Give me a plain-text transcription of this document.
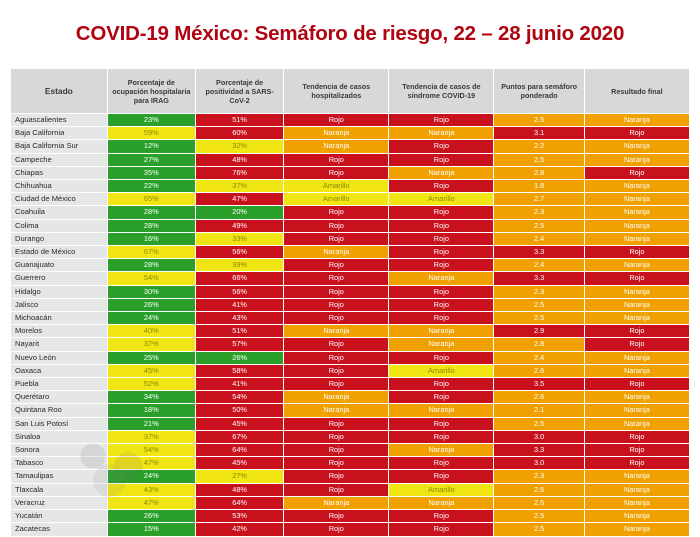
COVID-19 México: Semáforo de riesgo, 22 – 28 junio 2020
Estado	Porcentaje de ocupación hospitalaria para IRAG	Porcentaje de positividad a SARS-CoV-2	Tendencia de casos hospitalizados	Tendencia de casos de síndrome COVID-19	Puntos para semáforo ponderado	Resultado final
Aguascalientes	23%	51%	Rojo	Rojo	2.5	Naranja
Baja California	59%	60%	Naranja	Naranja	3.1	Rojo
Baja California Sur	12%	32%	Naranja	Rojo	2.2	Naranja
Campeche	27%	48%	Rojo	Rojo	2.5	Naranja
Chiapas	35%	76%	Rojo	Naranja	2.8	Rojo
Chihuahua	22%	37%	Amarillo	Rojo	1.8	Naranja
Ciudad de México	65%	47%	Amarillo	Amarillo	2.7	Naranja
Coahuila	28%	20%	Rojo	Rojo	2.3	Naranja
Colima	28%	49%	Rojo	Rojo	2.5	Naranja
Durango	16%	33%	Rojo	Rojo	2.4	Naranja
Estado de México	67%	56%	Naranja	Rojo	3.3	Rojo
Guanajuato	28%	39%	Rojo	Rojo	2.4	Naranja
Guerrero	54%	66%	Rojo	Naranja	3.3	Rojo
Hidalgo	30%	56%	Rojo	Rojo	2.3	Naranja
Jalisco	26%	41%	Rojo	Rojo	2.5	Naranja
Michoacán	24%	43%	Rojo	Rojo	2.5	Naranja
Morelos	40%	51%	Naranja	Naranja	2.9	Rojo
Nayarit	37%	57%	Rojo	Naranja	2.8	Rojo
Nuevo León	25%	26%	Rojo	Rojo	2.4	Naranja
Oaxaca	45%	58%	Rojo	Amarillo	2.6	Naranja
Puebla	52%	41%	Rojo	Rojo	3.5	Rojo
Querétaro	34%	54%	Naranja	Rojo	2.6	Naranja
Quintana Roo	18%	50%	Naranja	Naranja	2.1	Naranja
San Luis Potosí	21%	45%	Rojo	Rojo	2.5	Naranja
Sinaloa	37%	67%	Rojo	Rojo	3.0	Rojo
Sonora	54%	64%	Rojo	Naranja	3.3	Rojo
Tabasco	47%	45%	Rojo	Rojo	3.0	Rojo
Tamaulipas	24%	27%	Rojo	Rojo	2.3	Naranja
Tlaxcala	43%	48%	Rojo	Amarillo	2.6	Naranja
Veracruz	47%	64%	Naranja	Naranja	2.6	Naranja
Yucatán	26%	53%	Rojo	Rojo	2.5	Naranja
Zacatecas	15%	42%	Rojo	Rojo	2.5	Naranja
